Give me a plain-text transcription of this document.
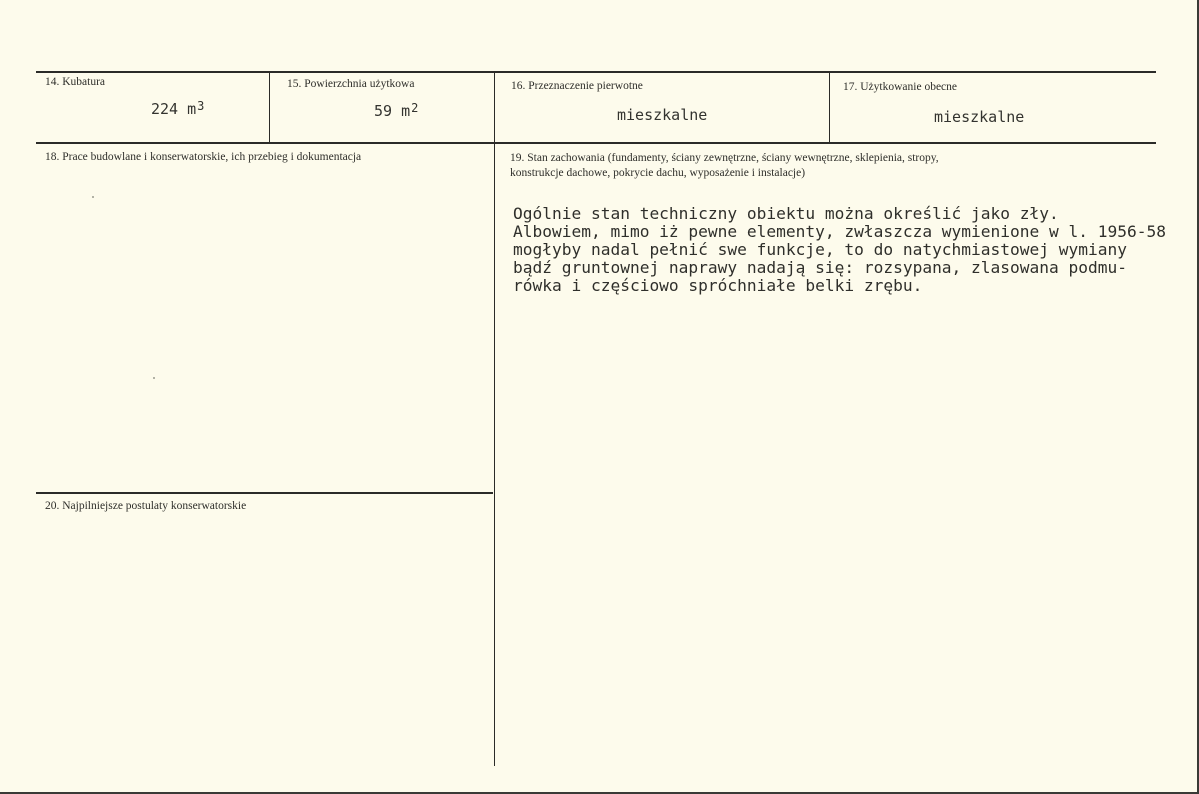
14. Kubatura
224 $m^3$
15. Powierzchnia użytkowa
59 $m^2$
16. Przeznaczenie pierwotne
mieszkalne
17. Użytkowanie obecne
mieszkalne
18. Prace budowlane i konserwatorskie, ich przebieg i dokumentacja	19. Stan zachowania (fundamenty, ściany zewnętrzne, ściany wewnętrzne, sklepienia, stropy,
konstrukcje dachowe, pokrycie dachu, wyposażenie i instalacje)
Ogólnie stan techniczny obiektu można określić jako zły.
Albowiem, mimo iż pewne elementy, zwłaszcza wymienione w l. 1956-58
mogłyby nadal pełnić swe funkcje, to do natychmiastowej wymiany
bądź gruntownej naprawy nadają się: rozsypana, zlasowana podmu-
rówka i częściowo spróchniałe belki zrębu.
20. Najpilniejsze postulaty konserwatorskie
